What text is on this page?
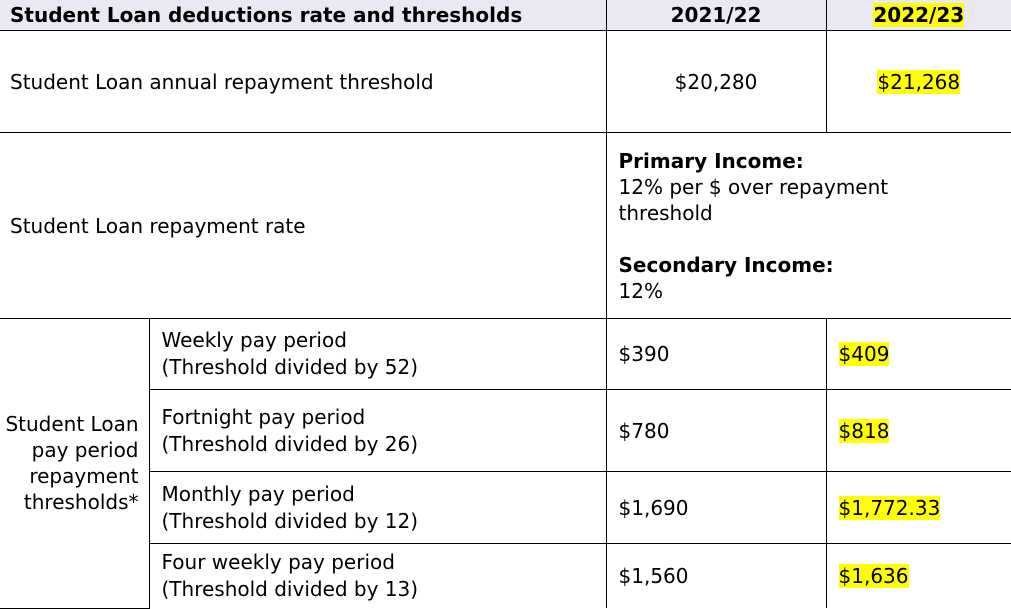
Student Loan deductions rate and thresholds		2021/22	2022/23
Student Loan annual repayment threshold		$20,280	$21,268
Student Loan repayment rate		Primary Income:
12% per $ over repayment threshold
Secondary Income:
12%	

Student Loan pay period repayment thresholds*	Weekly pay period
(Threshold divided by 52)	$390	$409

	Fortnight pay period
(Threshold divided by 26)	$780	$818

	Monthly pay period
(Threshold divided by 12)	$1,690	$1,772.33

	Four weekly pay period
(Threshold divided by 13)	$1,560	$1,636
